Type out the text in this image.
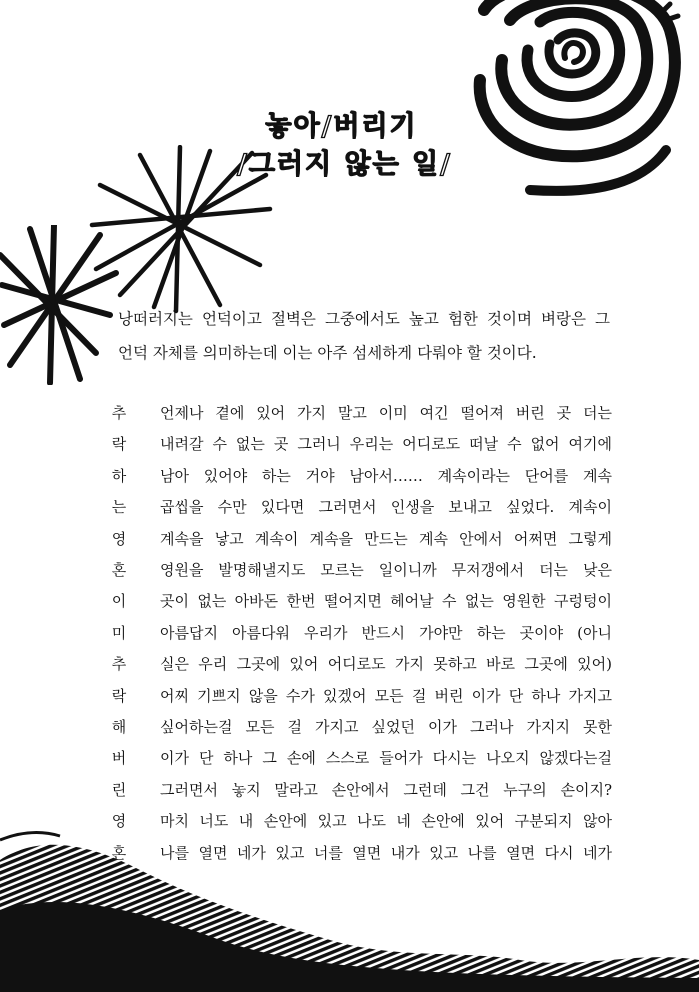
놓아/버리기
/그러지 않는 일/

낭떠러지는 언덕이고 절벽은 그중에서도 높고 험한 것이며 벼랑은 그

언덕 자체를 의미하는데 이는 아주 섬세하게 다뤄야 할 것이다.

추
락
하
는
영
혼
이
미
추
락
해
버
린
영
혼
언제나 곁에 있어 가지 말고 이미 여긴 떨어져 버린 곳 더는
내려갈 수 없는 곳 그러니 우리는 어디로도 떠날 수 없어 여기에
남아 있어야 하는 거야 남아서…… 계속이라는 단어를 계속
곱씹을 수만 있다면 그러면서 인생을 보내고 싶었다. 계속이
계속을 낳고 계속이 계속을 만드는 계속 안에서 어쩌면 그렇게
영원을 발명해낼지도 모르는 일이니까 무저갱에서 더는 낮은
곳이 없는 아바돈 한번 떨어지면 헤어날 수 없는 영원한 구렁텅이
아름답지 아름다워 우리가 반드시 가야만 하는 곳이야 (아니
실은 우리 그곳에 있어 어디로도 가지 못하고 바로 그곳에 있어)
어찌 기쁘지 않을 수가 있겠어 모든 걸 버린 이가 단 하나 가지고
싶어하는걸 모든 걸 가지고 싶었던 이가 그러나 가지지 못한
이가 단 하나 그 손에 스스로 들어가 다시는 나오지 않겠다는걸
그러면서 놓지 말라고 손안에서 그런데 그건 누구의 손이지?
마치 너도 내 손안에 있고 나도 네 손안에 있어 구분되지 않아
나를 열면 네가 있고 너를 열면 내가 있고 나를 열면 다시 네가
